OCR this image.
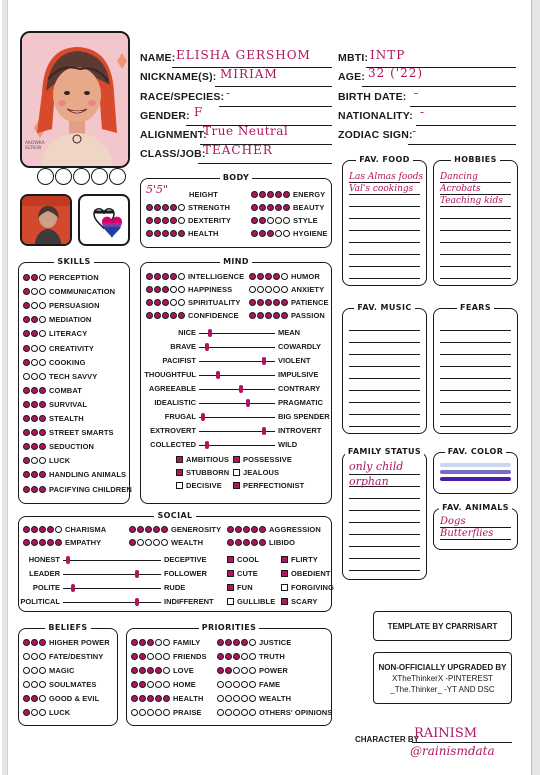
AKOWKA SCREW
NAME: ELISHA GERSHOM
NICKNAME(S): MIRIAM
RACE/SPECIES: -
GENDER: F
ALIGNMENT:
True Neutral
CLASS/JOB:
TEACHER
MBTI: INTP
AGE: 32 ('22)
BIRTH DATE: -
NATIONALITY: -
ZODIAC SIGN: -
BODY
5'5"	HEIGHT
STRENGTH
DEXTERITY
HEALTH
ENERGY
BEAUTY
STYLE
HYGIENE
SKILLS
PERCEPTION
COMMUNICATION
PERSUASION
MEDIATION
LITERACY
CREATIVITY
COOKING
TECH SAVVY
COMBAT
SURVIVAL
STEALTH
STREET SMARTS
SEDUCTION
LUCK
HANDLING ANIMALS
PACIFYING CHILDREN
MIND
INTELLIGENCE
HAPPINESS
SPIRITUALITY
CONFIDENCE
HUMOR
ANXIETY
PATIENCE
PASSION
NICE	MEAN
BRAVE	COWARDLY
PACIFIST	VIOLENT
THOUGHTFUL	IMPULSIVE
AGREEABLE	CONTRARY
IDEALISTIC	PRAGMATIC
FRUGAL	BIG SPENDER
EXTROVERT	INTROVERT
COLLECTED	WILD
AMBITIOUS POSSESSIVE
STUBBORN JEALOUS
DECISIVE	PERFECTIONIST
FAV. FOOD
Las Almas foods
Val's cookings
HOBBIES
Dancing
Acrobats
Teaching kids
FAV. MUSIC	FEARS
FAMILY STATUS
only child
orphan
FAV. COLOR
FAV. ANIMALS
Dogs
Butterflies
SOCIAL
CHARISMA	GENEROSITY	AGGRESSION
EMPATHY	WEALTH	LIBIDO
HONEST	DECEPTIVE
LEADER	FOLLOWER
POLITE	RUDE
POLITICAL	INDIFFERENT
COOL	FLIRTY
CUTE	OBEDIENT
FUN	FORGIVING
GULLIBLE SCARY
BELIEFS
HIGHER POWER
FATE/DESTINY
MAGIC
SOULMATES
GOOD & EVIL
LUCK
PRIORITIES
FAMILY
FRIENDS
LOVE
HOME
HEALTH
PRAISE
JUSTICE
TRUTH
POWER
FAME
WEALTH
OTHERS' OPINIONS
TEMPLATE BY CPARRISART
NON-OFFICIALLY UPGRADED BY
XTheThinkerX -PINTEREST
_The.Thinker_ -YT AND DSC
CHARACTER BY
RAINISM
@rainismdata
